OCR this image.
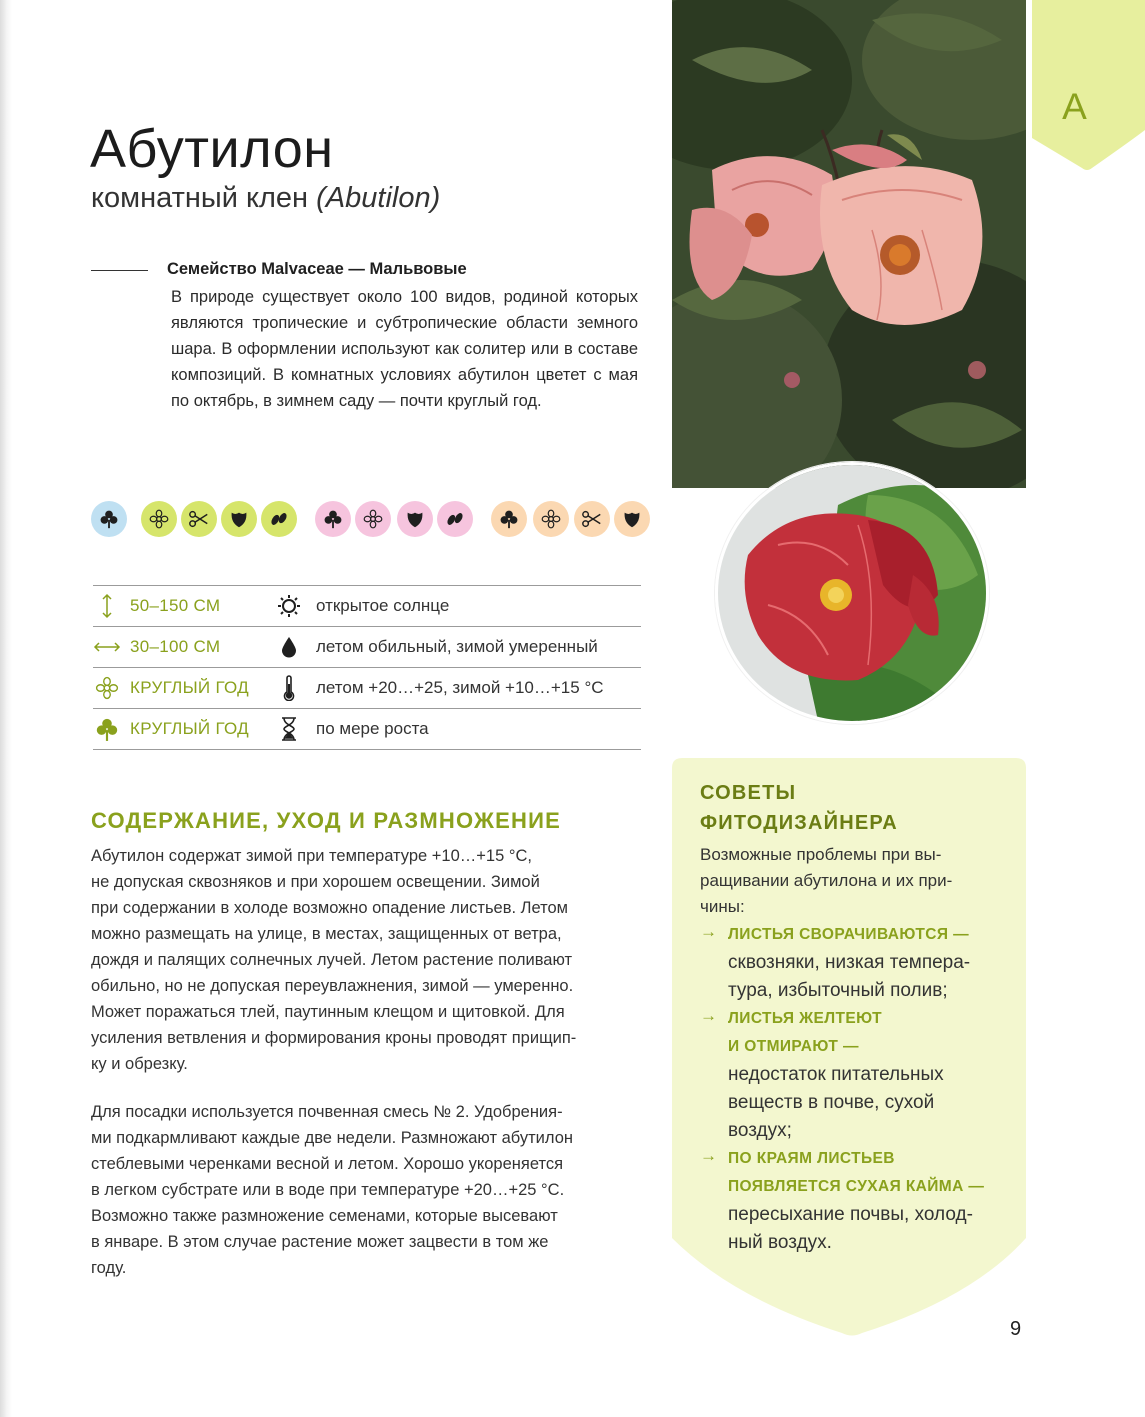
Абутилон
комнатный клен (Abutilon)
Семейство Malvaceae — Мальвовые
В природе существует около 100 видов, родиной которых являются тропические и субтропические области земного шара. В оформлении используют как солитер или в составе композиций. В комнатных условиях абутилон цветет с мая по октябрь, в зимнем саду — почти круглый год.
50–150 СМ	открытое солнце
30–100 СМ	летом обильный, зимой умеренный
КРУГЛЫЙ ГОД	летом +20…+25, зимой +10…+15 °С
КРУГЛЫЙ ГОД	по мере роста
А
СОДЕРЖАНИЕ, УХОД И РАЗМНОЖЕНИЕ
Абутилон содержат зимой при температуре +10…+15 °С,
не допуская сквозняков и при хорошем освещении. Зимой
при содержании в холоде возможно опадение листьев. Летом
можно размещать на улице, в местах, защищенных от ветра,
дождя и палящих солнечных лучей. Летом растение поливают
обильно, но не допуская переувлажнения, зимой — умеренно.
Может поражаться тлей, паутинным клещом и щитовкой. Для
усиления ветвления и формирования кроны проводят прищип-
ку и обрезку.
Для посадки используется почвенная смесь № 2. Удобрения-
ми подкармливают каждые две недели. Размножают абутилон
стеблевыми черенками весной и летом. Хорошо укореняется
в легком субстрате или в воде при температуре +20…+25 °С.
Возможно также размножение семенами, которые высевают
в январе. В этом случае растение может зацвести в том же
году.
СОВЕТЫ
ФИТОДИЗАЙНЕРА
Возможные проблемы при вы-
ращивании абутилона и их при-
чины:
→ ЛИСТЬЯ СВОРАЧИВАЮТСЯ —
сквозняки, низкая темпера-
тура, избыточный полив;
→ ЛИСТЬЯ ЖЕЛТЕЮТ
И ОТМИРАЮТ —
недостаток питательных
веществ в почве, сухой
воздух;
→ ПО КРАЯМ ЛИСТЬЕВ
ПОЯВЛЯЕТСЯ СУХАЯ КАЙМА —
пересыхание почвы, холод-
ный воздух.
9
